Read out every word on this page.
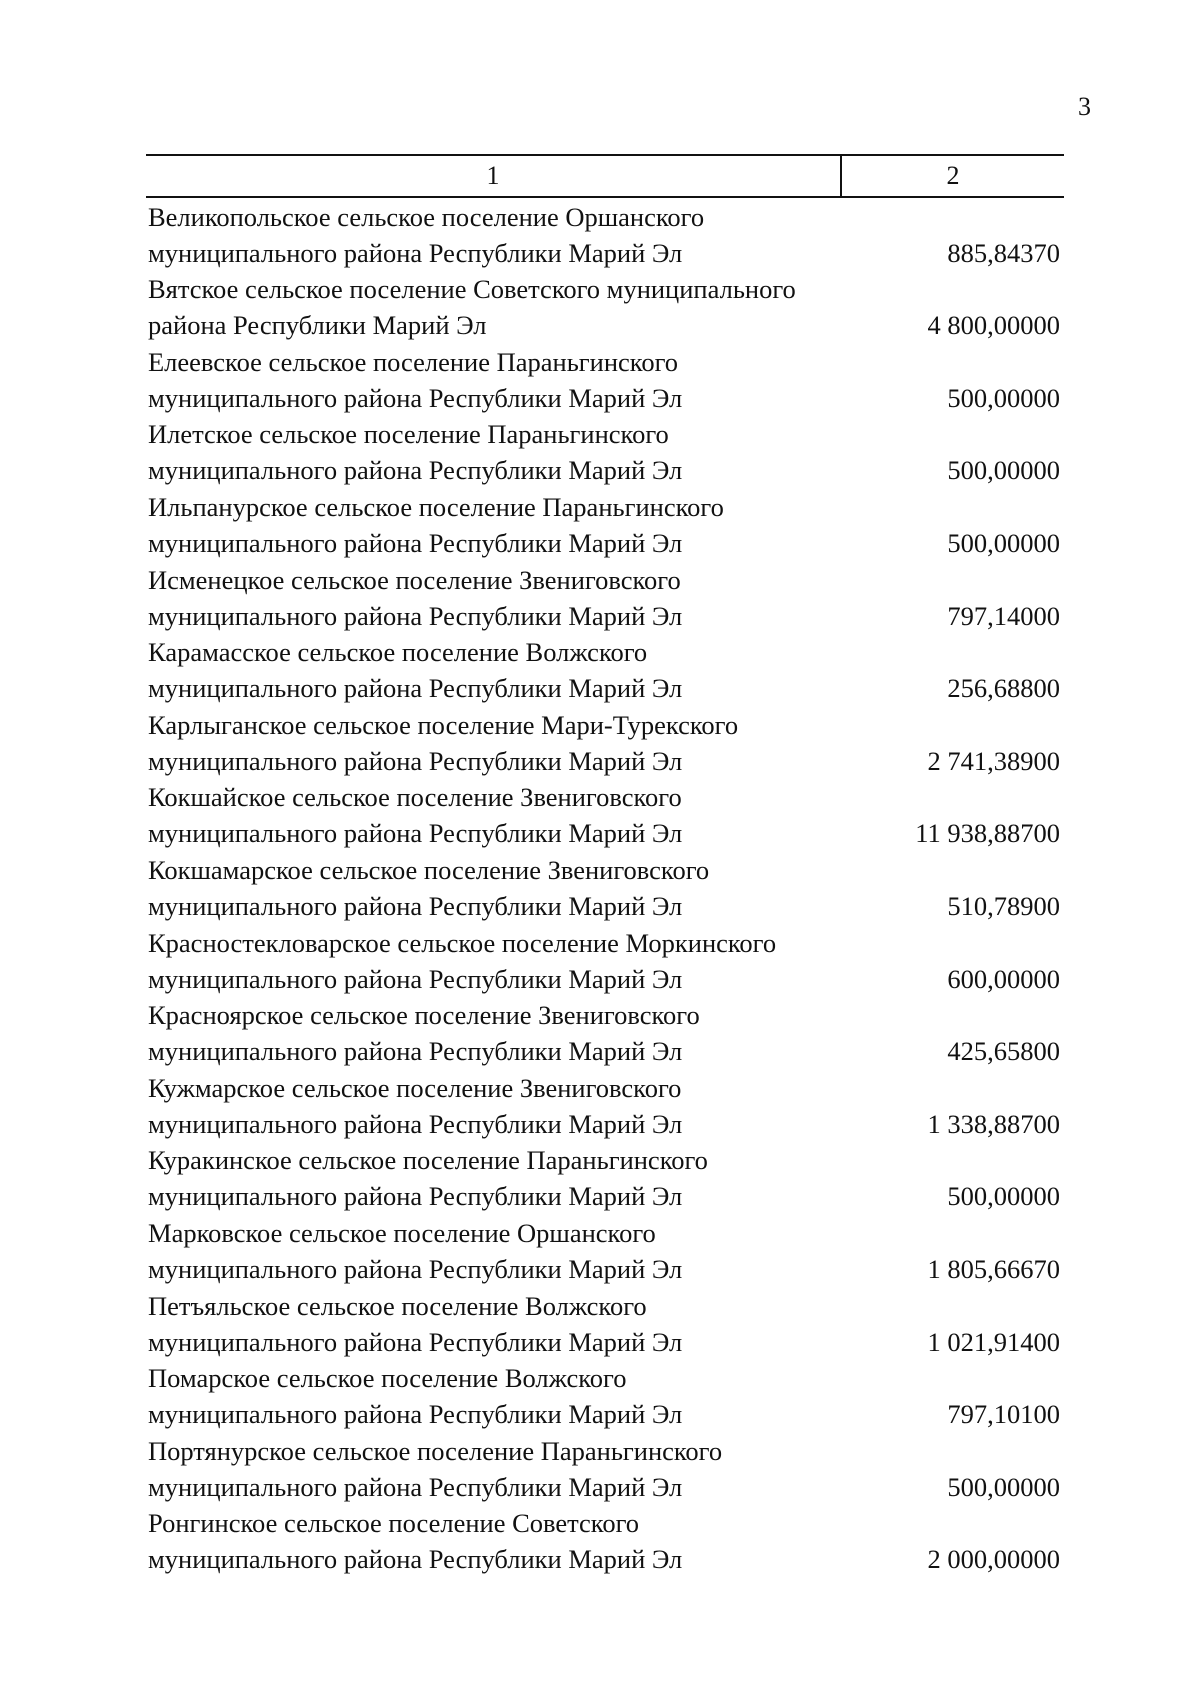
3
1	2
Великопольское сельское поселение Оршанского
муниципального района Республики Марий Эл	885,84370
Вятское сельское поселение Советского муниципального
района Республики Марий Эл	4 800,00000
Елеевское сельское поселение Параньгинского
муниципального района Республики Марий Эл	500,00000
Илетское сельское поселение Параньгинского
муниципального района Республики Марий Эл	500,00000
Ильпанурское сельское поселение Параньгинского
муниципального района Республики Марий Эл	500,00000
Исменецкое сельское поселение Звениговского
муниципального района Республики Марий Эл	797,14000
Карамасское сельское поселение Волжского
муниципального района Республики Марий Эл	256,68800
Карлыганское сельское поселение Мари-Турекского
муниципального района Республики Марий Эл	2 741,38900
Кокшайское сельское поселение Звениговского
муниципального района Республики Марий Эл	11 938,88700
Кокшамарское сельское поселение Звениговского
муниципального района Республики Марий Эл	510,78900
Красностекловарское сельское поселение Моркинского
муниципального района Республики Марий Эл	600,00000
Красноярское сельское поселение Звениговского
муниципального района Республики Марий Эл	425,65800
Кужмарское сельское поселение Звениговского
муниципального района Республики Марий Эл	1 338,88700
Куракинское сельское поселение Параньгинского
муниципального района Республики Марий Эл	500,00000
Марковское сельское поселение Оршанского
муниципального района Республики Марий Эл	1 805,66670
Петъяльское сельское поселение Волжского
муниципального района Республики Марий Эл	1 021,91400
Помарское сельское поселение Волжского
муниципального района Республики Марий Эл	797,10100
Портянурское сельское поселение Параньгинского
муниципального района Республики Марий Эл	500,00000
Ронгинское сельское поселение Советского
муниципального района Республики Марий Эл	2 000,00000
